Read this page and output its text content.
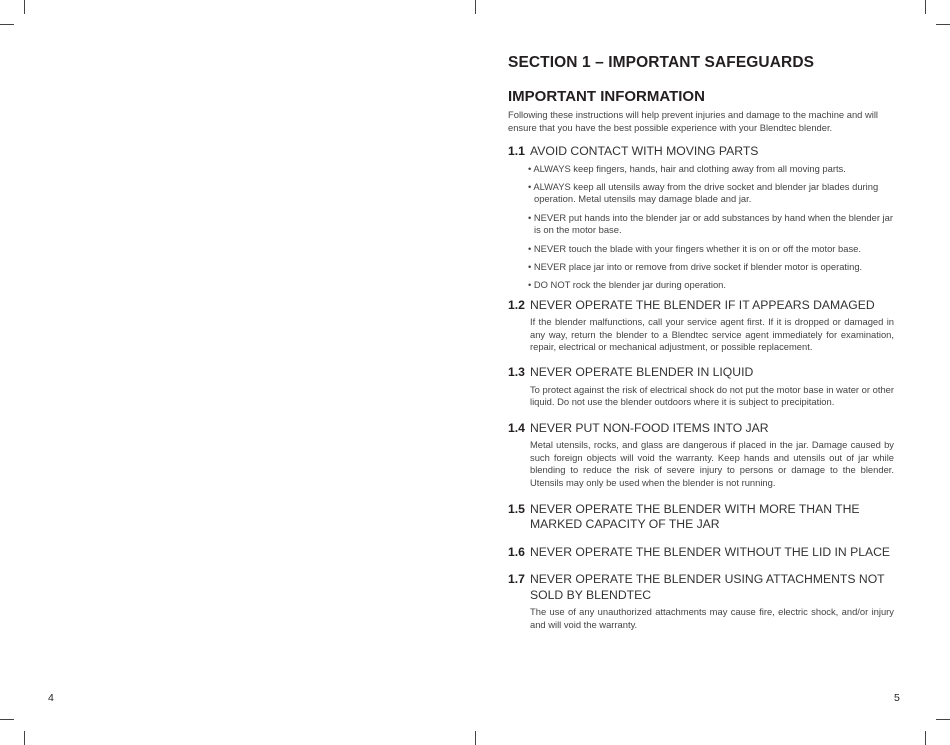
4	5
SECTION 1 – IMPORTANT SAFEGUARDS
IMPORTANT INFORMATION

Following these instructions will help prevent injuries and damage to the machine and will ensure that you have the best possible experience with your Blendtec blender.

1.1 AVOID CONTACT WITH MOVING PARTS
• ALWAYS keep fingers, hands, hair and clothing away from all moving parts.
• ALWAYS keep all utensils away from the drive socket and blender jar blades during operation. Metal utensils may damage blade and jar.
• NEVER put hands into the blender jar or add substances by hand when the blender jar is on the motor base.
• NEVER touch the blade with your fingers whether it is on or off the motor base.
• NEVER place jar into or remove from drive socket if blender motor is operating.
• DO NOT rock the blender jar during operation.
1.2 NEVER OPERATE THE BLENDER IF IT APPEARS DAMAGED

If the blender malfunctions, call your service agent first. If it is dropped or damaged in any way, return the blender to a Blendtec service agent immediately for examination, repair, electrical or mechanical adjustment, or possible replacement.

1.3 NEVER OPERATE BLENDER IN LIQUID

To protect against the risk of electrical shock do not put the motor base in water or other liquid. Do not use the blender outdoors where it is subject to precipitation.

1.4 NEVER PUT NON-FOOD ITEMS INTO JAR

Metal utensils, rocks, and glass are dangerous if placed in the jar. Damage caused by such foreign objects will void the warranty. Keep hands and utensils out of jar while blending to reduce the risk of severe injury to persons or damage to the blender. Utensils may only be used when the blender is not running.

1.5 NEVER OPERATE THE BLENDER WITH MORE THAN THE MARKED CAPACITY OF THE JAR
1.6 NEVER OPERATE THE BLENDER WITHOUT THE LID IN PLACE
1.7 NEVER OPERATE THE BLENDER USING ATTACHMENTS NOT SOLD BY BLENDTEC

The use of any unauthorized attachments may cause fire, electric shock, and/or injury and will void the warranty.
